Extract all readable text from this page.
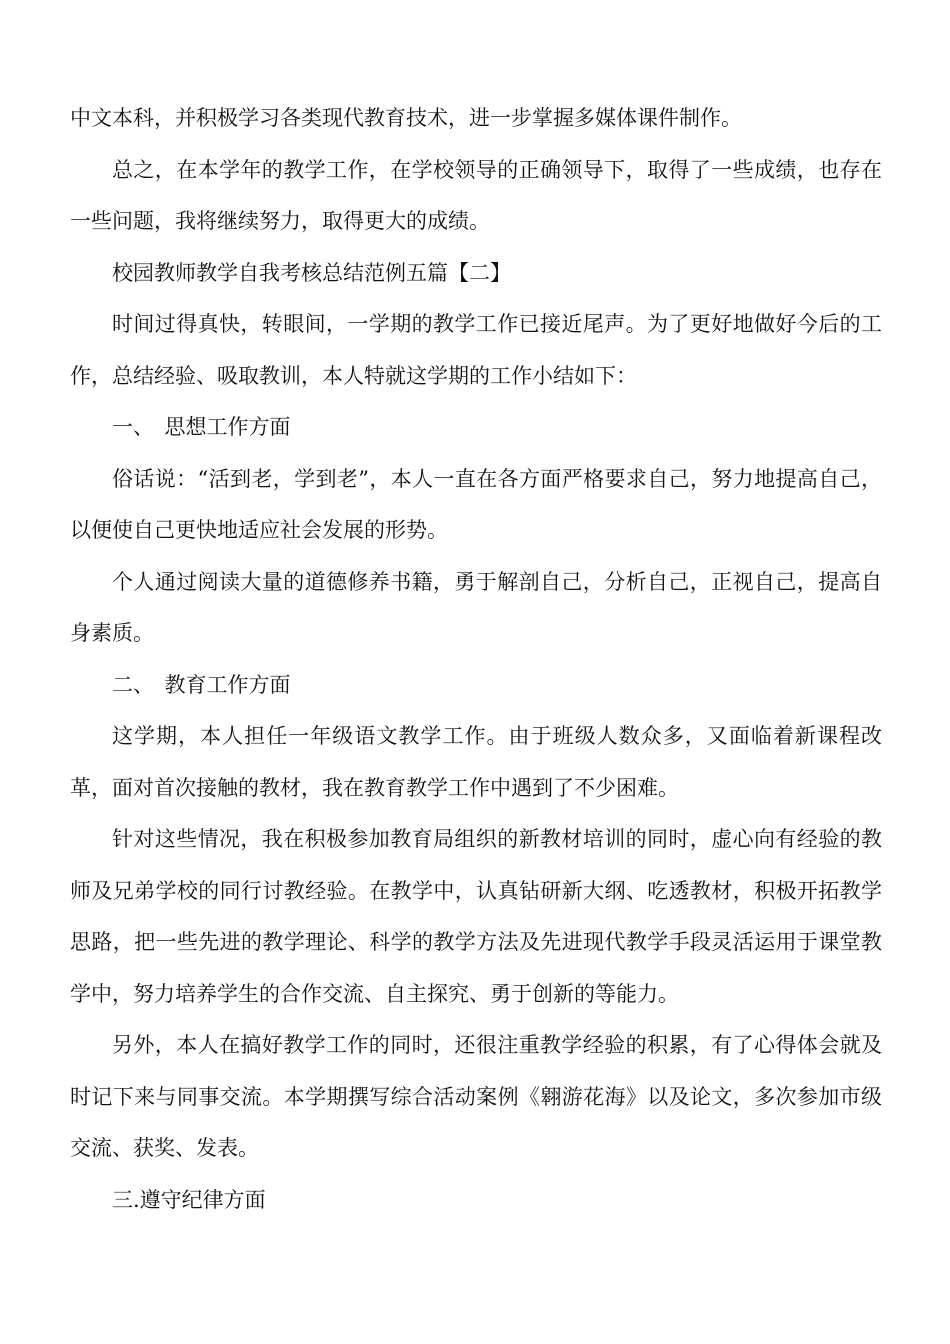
中文本科，并积极学习各类现代教育技术，进一步掌握多媒体课件制作。

总之，在本学年的教学工作，在学校领导的正确领导下，取得了一些成绩，也存在一些问题，我将继续努力，取得更大的成绩。

校园教师教学自我考核总结范例五篇【二】

时间过得真快，转眼间，一学期的教学工作已接近尾声。为了更好地做好今后的工作，总结经验、吸取教训，本人特就这学期的工作小结如下：

一、　思想工作方面

俗话说：“活到老，学到老”，本人一直在各方面严格要求自己，努力地提高自己，以便使自己更快地适应社会发展的形势。

个人通过阅读大量的道德修养书籍，勇于解剖自己，分析自己，正视自己，提高自身素质。

二、　教育工作方面

这学期，本人担任一年级语文教学工作。由于班级人数众多，又面临着新课程改革，面对首次接触的教材，我在教育教学工作中遇到了不少困难。

针对这些情况，我在积极参加教育局组织的新教材培训的同时，虚心向有经验的教师及兄弟学校的同行讨教经验。在教学中，认真钻研新大纲、吃透教材，积极开拓教学思路，把一些先进的教学理论、科学的教学方法及先进现代教学手段灵活运用于课堂教学中，努力培养学生的合作交流、自主探究、勇于创新的等能力。

另外，本人在搞好教学工作的同时，还很注重教学经验的积累，有了心得体会就及时记下来与同事交流。本学期撰写综合活动案例《翱游花海》以及论文，多次参加市级交流、获奖、发表。

三.遵守纪律方面
